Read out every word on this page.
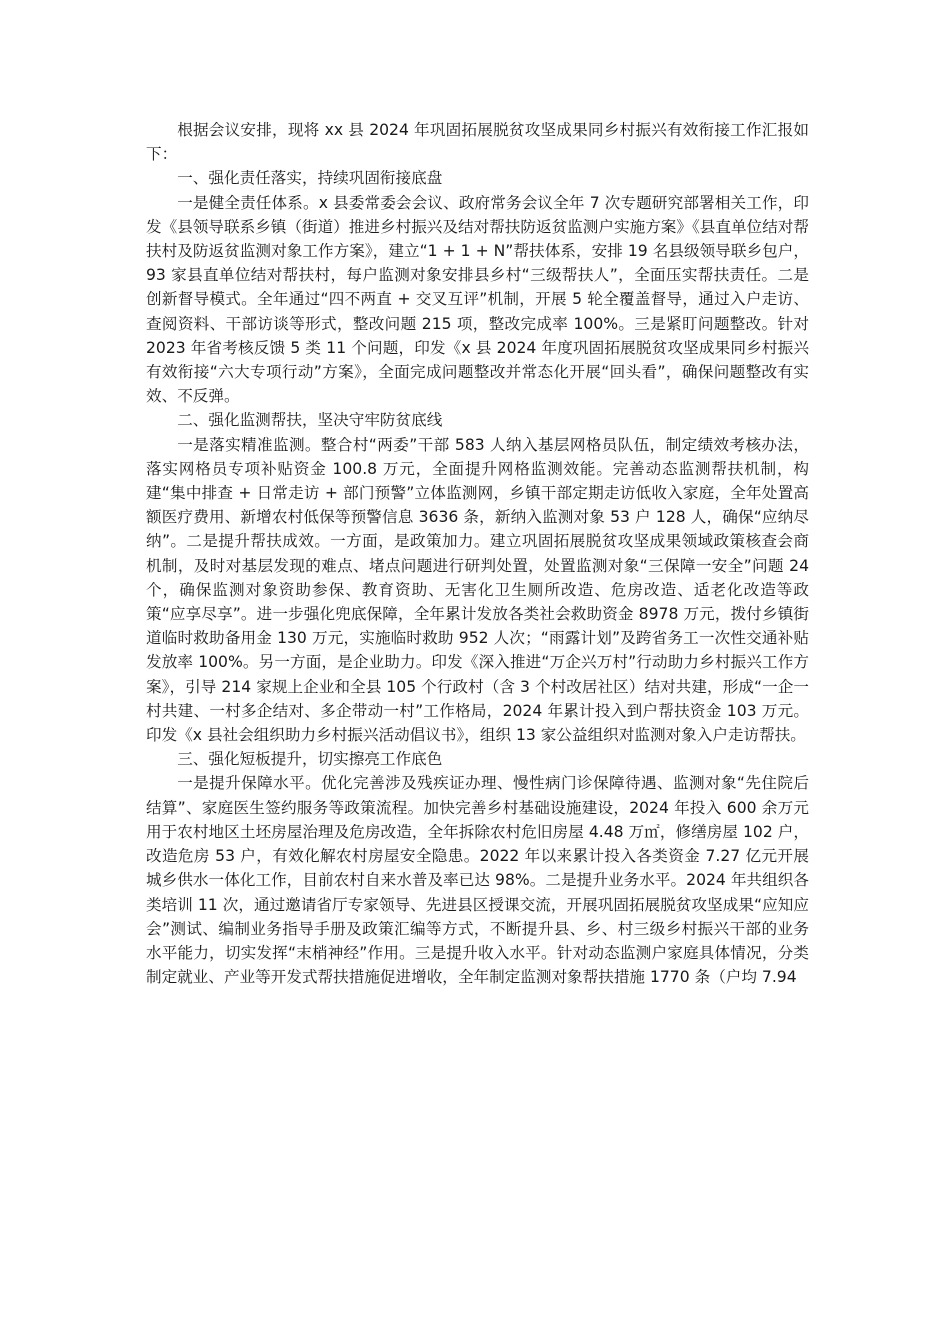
根据会议安排，现将 xx 县 2024 年巩固拓展脱贫攻坚成果同乡村振兴有效衔接工作汇报如下：

一、强化责任落实，持续巩固衔接底盘

一是健全责任体系。x 县委常委会会议、政府常务会议全年 7 次专题研究部署相关工作，印发《县领导联系乡镇（街道）推进乡村振兴及结对帮扶防返贫监测户实施方案》《县直单位结对帮扶村及防返贫监测对象工作方案》，建立“1 + 1 + N”帮扶体系，安排 19 名县级领导联乡包户，93 家县直单位结对帮扶村，每户监测对象安排县乡村“三级帮扶人”，全面压实帮扶责任。二是创新督导模式。全年通过“四不两直 + 交叉互评”机制，开展 5 轮全覆盖督导，通过入户走访、查阅资料、干部访谈等形式，整改问题 215 项，整改完成率 100%。三是紧盯问题整改。针对 2023 年省考核反馈 5 类 11 个问题，印发《x 县 2024 年度巩固拓展脱贫攻坚成果同乡村振兴有效衔接“六大专项行动”方案》，全面完成问题整改并常态化开展“回头看”，确保问题整改有实效、不反弹。

二、强化监测帮扶，坚决守牢防贫底线

一是落实精准监测。整合村“两委”干部 583 人纳入基层网格员队伍，制定绩效考核办法，落实网格员专项补贴资金 100.8 万元，全面提升网格监测效能。完善动态监测帮扶机制，构建“集中排查 + 日常走访 + 部门预警”立体监测网，乡镇干部定期走访低收入家庭，全年处置高额医疗费用、新增农村低保等预警信息 3636 条，新纳入监测对象 53 户 128 人，确保“应纳尽纳”。二是提升帮扶成效。一方面，是政策加力。建立巩固拓展脱贫攻坚成果领域政策核查会商机制，及时对基层发现的难点、堵点问题进行研判处置，处置监测对象“三保障一安全”问题 24 个，确保监测对象资助参保、教育资助、无害化卫生厕所改造、危房改造、适老化改造等政策“应享尽享”。进一步强化兜底保障，全年累计发放各类社会救助资金 8978 万元，拨付乡镇街道临时救助备用金 130 万元，实施临时救助 952 人次；“雨露计划”及跨省务工一次性交通补贴发放率 100%。另一方面，是企业助力。印发《深入推进“万企兴万村”行动助力乡村振兴工作方案》，引导 214 家规上企业和全县 105 个行政村（含 3 个村改居社区）结对共建，形成“一企一村共建、一村多企结对、多企带动一村”工作格局，2024 年累计投入到户帮扶资金 103 万元。印发《x 县社会组织助力乡村振兴活动倡议书》，组织 13 家公益组织对监测对象入户走访帮扶。

三、强化短板提升，切实擦亮工作底色

一是提升保障水平。优化完善涉及残疾证办理、慢性病门诊保障待遇、监测对象“先住院后结算”、家庭医生签约服务等政策流程。加快完善乡村基础设施建设，2024 年投入 600 余万元用于农村地区土坯房屋治理及危房改造，全年拆除农村危旧房屋 4.48 万㎡，修缮房屋 102 户，改造危房 53 户，有效化解农村房屋安全隐患。2022 年以来累计投入各类资金 7.27 亿元开展城乡供水一体化工作，目前农村自来水普及率已达 98%。二是提升业务水平。2024 年共组织各类培训 11 次，通过邀请省厅专家领导、先进县区授课交流，开展巩固拓展脱贫攻坚成果“应知应会”测试、编制业务指导手册及政策汇编等方式，不断提升县、乡、村三级乡村振兴干部的业务水平能力，切实发挥“末梢神经”作用。三是提升收入水平。针对动态监测户家庭具体情况，分类制定就业、产业等开发式帮扶措施促进增收，全年制定监测对象帮扶措施 1770 条（户均 7.94
